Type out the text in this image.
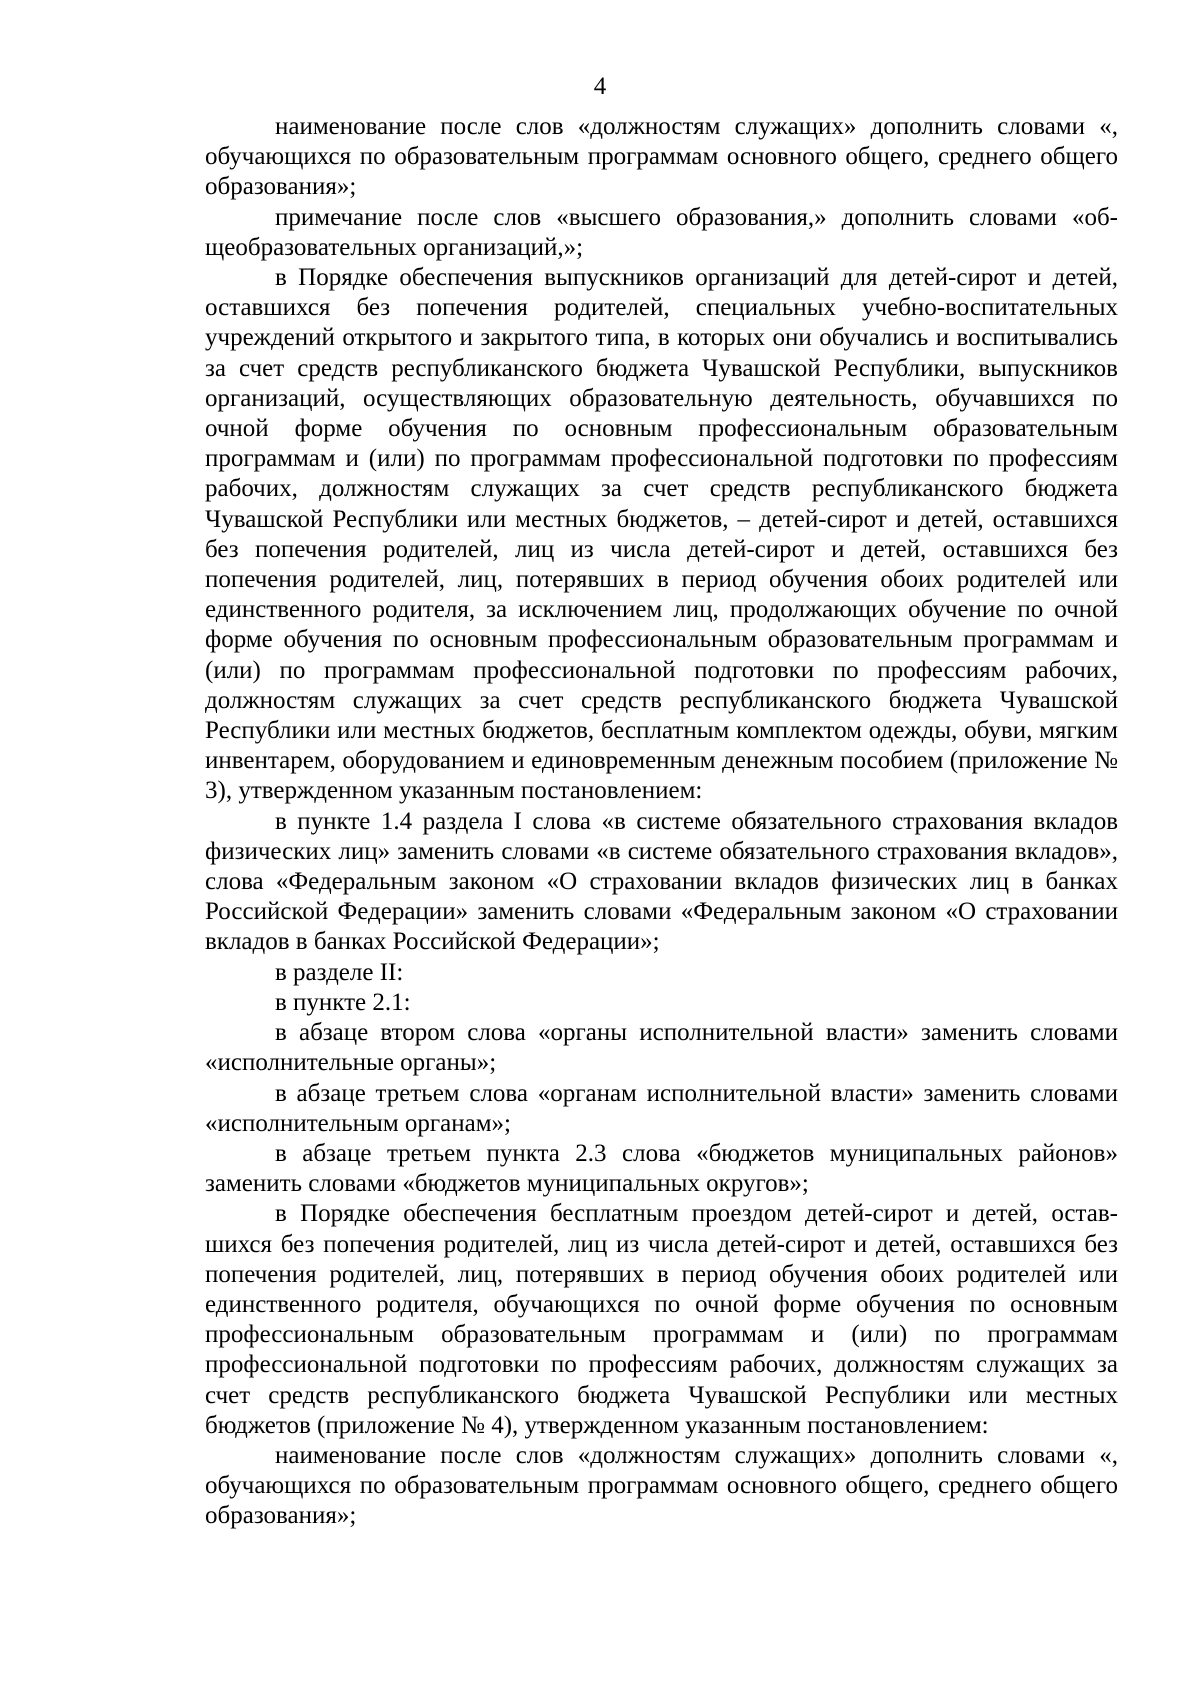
4

наименование после слов «должностям служащих» дополнить словами «, обучающихся по образовательным программам основного общего, среднего общего образования»;

примечание после слов «высшего образования,» дополнить словами «общеобразовательных организаций,»;

в Порядке обеспечения выпускников организаций для детей-сирот и детей, оставшихся без попечения родителей, специальных учебно-воспитательных учреждений открытого и закрытого типа, в которых они обучались и воспитывались за счет средств республиканского бюджета Чувашской Республики, выпускников организаций, осуществляющих образовательную деятельность, обучавшихся по очной форме обучения по основным профессиональным образовательным программам и (или) по программам профессиональной подготовки по профессиям рабочих, должностям служащих за счет средств республиканского бюджета Чувашской Республики или местных бюджетов, – детей-сирот и детей, оставшихся без попечения родителей, лиц из числа детей-сирот и детей, оставшихся без попечения родителей, лиц, потерявших в период обучения обоих родителей или единственного родителя, за исключением лиц, продолжающих обучение по очной форме обучения по основным профессиональным образовательным программам и (или) по программам профессиональной подготовки по профессиям рабочих, должностям служащих за счет средств республиканского бюджета Чувашской Республики или местных бюджетов, бесплатным комплектом одежды, обуви, мягким инвентарем, оборудованием и единовременным денежным пособием (приложение № 3), утвержденном указанным постановлением:

в пункте 1.4 раздела I слова «в системе обязательного страхования вкладов физических лиц» заменить словами «в системе обязательного страхования вкладов», слова «Федеральным законом «О страховании вкладов физических лиц в банках Российской Федерации» заменить словами «Федеральным законом «О страховании вкладов в банках Российской Федерации»;

в разделе II:

в пункте 2.1:

в абзаце втором слова «органы исполнительной власти» заменить словами «исполнительные органы»;

в абзаце третьем слова «органам исполнительной власти» заменить словами «исполнительным органам»;

в абзаце третьем пункта 2.3 слова «бюджетов муниципальных районов» заменить словами «бюджетов муниципальных округов»;

в Порядке обеспечения бесплатным проездом детей-сирот и детей, оставшихся без попечения родителей, лиц из числа детей-сирот и детей, оставшихся без попечения родителей, лиц, потерявших в период обучения обоих родителей или единственного родителя, обучающихся по очной форме обучения по основным профессиональным образовательным программам и (или) по программам профессиональной подготовки по профессиям рабочих, должностям служащих за счет средств республиканского бюджета Чувашской Республики или местных бюджетов (приложение № 4), утвержденном указанным постановлением:

наименование после слов «должностям служащих» дополнить словами «, обучающихся по образовательным программам основного общего, среднего общего образования»;
